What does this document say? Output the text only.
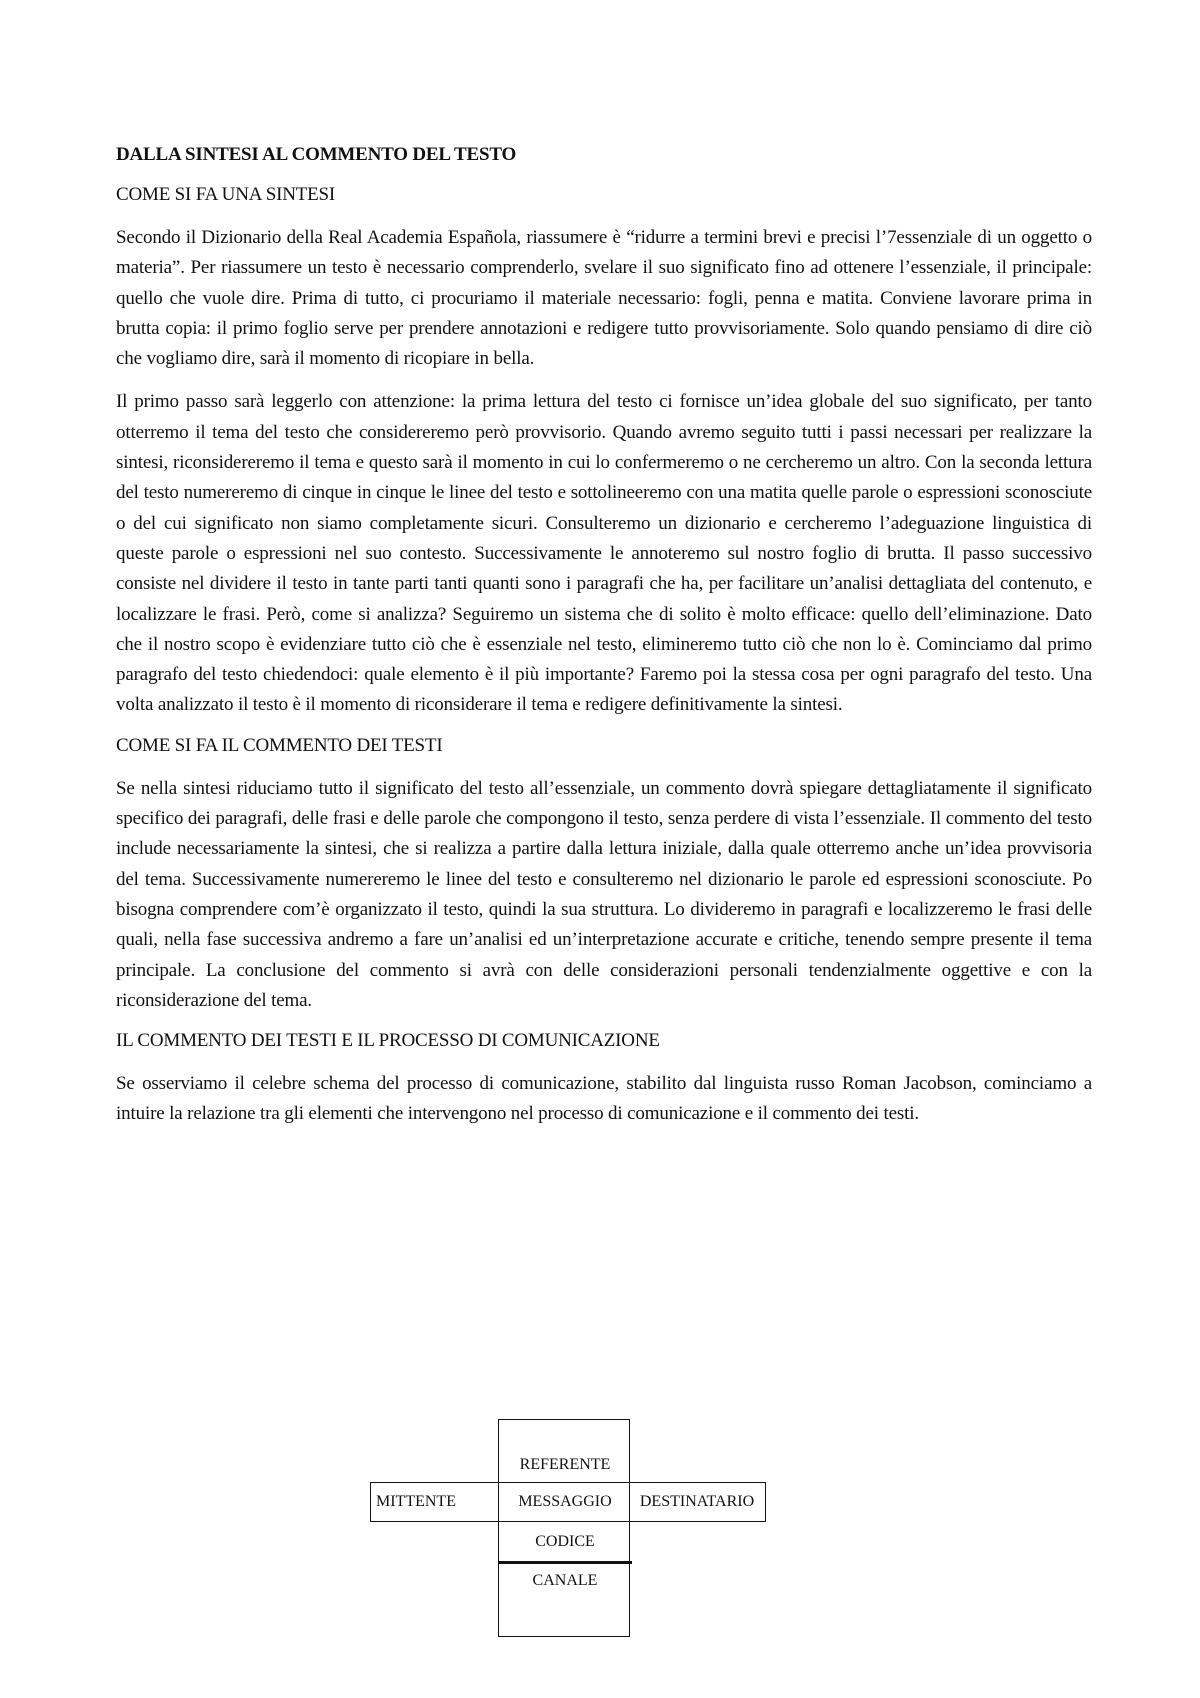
DALLA SINTESI AL COMMENTO DEL TESTO
COME SI FA UNA SINTESI

Secondo il Dizionario della Real Academia Española, riassumere è “ridurre a termini brevi e precisi l’7essenziale di un oggetto o materia”. Per riassumere un testo è necessario comprenderlo, svelare il suo significato fino ad ottenere l’essenziale, il principale: quello che vuole dire. Prima di tutto, ci procuriamo il materiale necessario: fogli, penna e matita. Conviene lavorare prima in brutta copia: il primo foglio serve per prendere annotazioni e redigere tutto provvisoriamente. Solo quando pensiamo di dire ciò che vogliamo dire, sarà il momento di ricopiare in bella.

Il primo passo sarà leggerlo con attenzione: la prima lettura del testo ci fornisce un’idea globale del suo significato, per tanto otterremo il tema del testo che considereremo però provvisorio. Quando avremo seguito tutti i passi necessari per realizzare la sintesi, riconsidereremo il tema e questo sarà il momento in cui lo confermeremo o ne cercheremo un altro. Con la seconda lettura del testo numereremo di cinque in cinque le linee del testo e sottolineeremo con una matita quelle parole o espressioni sconosciute o del cui significato non siamo completamente sicuri. Consulteremo un dizionario e cercheremo l’adeguazione linguistica di queste parole o espressioni nel suo contesto. Successivamente le annoteremo sul nostro foglio di brutta. Il passo successivo consiste nel dividere il testo in tante parti tanti quanti sono i paragrafi che ha, per facilitare un’analisi dettagliata del contenuto, e localizzare le frasi. Però, come si analizza? Seguiremo un sistema che di solito è molto efficace: quello dell’eliminazione. Dato che il nostro scopo è evidenziare tutto ciò che è essenziale nel testo, elimineremo tutto ciò che non lo è. Cominciamo dal primo paragrafo del testo chiedendoci: quale elemento è il più importante? Faremo poi la stessa cosa per ogni paragrafo del testo. Una volta analizzato il testo è il momento di riconsiderare il tema e redigere definitivamente la sintesi.

COME SI FA IL COMMENTO DEI TESTI

Se nella sintesi riduciamo tutto il significato del testo all’essenziale, un commento dovrà spiegare dettagliatamente il significato specifico dei paragrafi, delle frasi e delle parole che compongono il testo, senza perdere di vista l’essenziale. Il commento del testo include necessariamente la sintesi, che si realizza a partire dalla lettura iniziale, dalla quale otterremo anche un’idea provvisoria del tema. Successivamente numereremo le linee del testo e consulteremo nel dizionario le parole ed espressioni sconosciute. Po bisogna comprendere com’è organizzato il testo, quindi la sua struttura. Lo divideremo in paragrafi e localizzeremo le frasi delle quali, nella fase successiva andremo a fare un’analisi ed un’interpretazione accurate e critiche, tenendo sempre presente il tema principale. La conclusione del commento si avrà con delle considerazioni personali tendenzialmente oggettive e con la riconsiderazione del tema.

IL COMMENTO DEI TESTI E IL PROCESSO DI COMUNICAZIONE

Se osserviamo il celebre schema del processo di comunicazione, stabilito dal linguista russo Roman Jacobson, cominciamo a intuire la relazione tra gli elementi che intervengono nel processo di comunicazione e il commento dei testi.

REFERENTE
MITTENTE	MESSAGGIO	DESTINATARIO
CODICE
CANALE
